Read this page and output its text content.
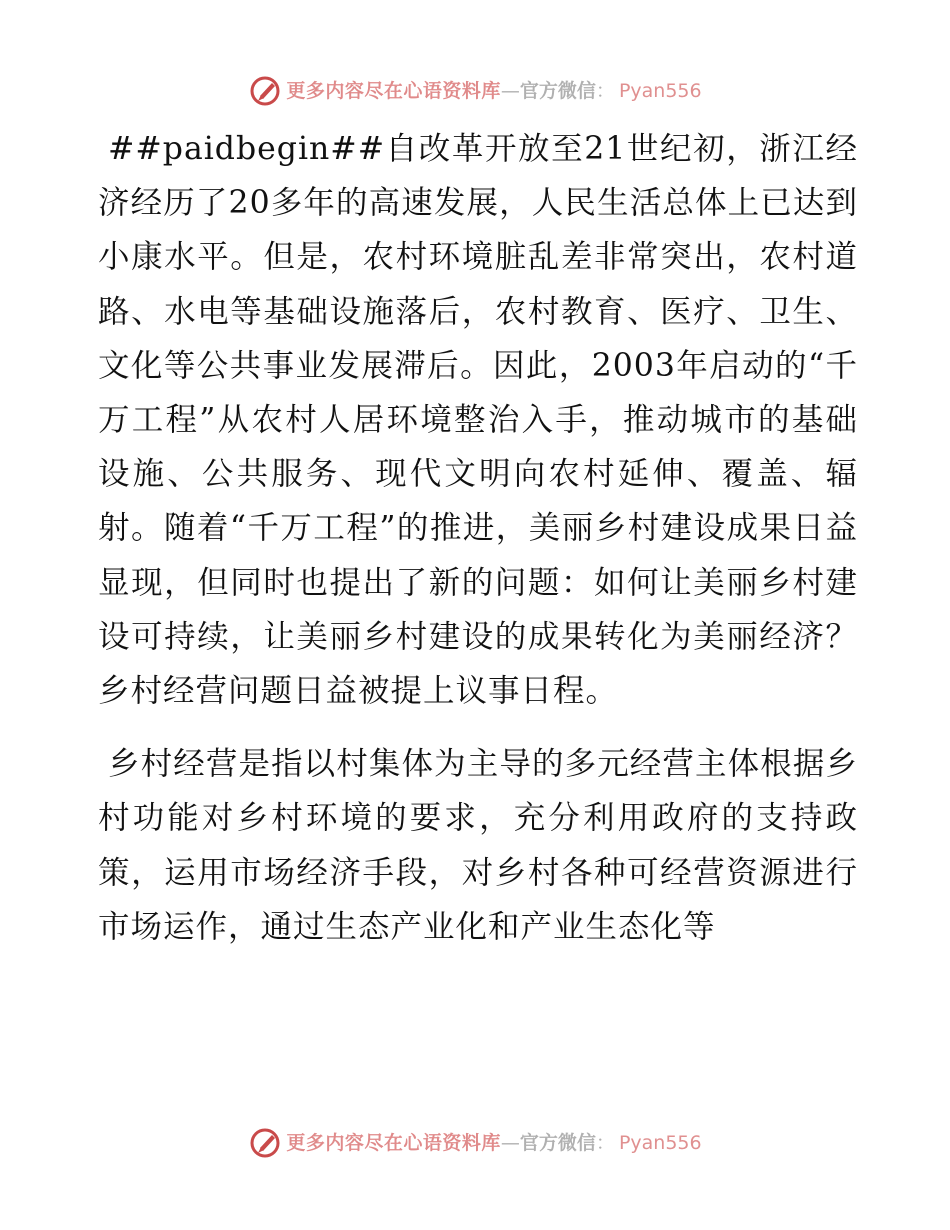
更多内容尽在心语资料库 — 官方微信 ： Pyan556

##paidbegin##自改革开放至21世纪初，浙江经济经历了20多年的高速发展，人民生活总体上已达到小康水平。但是，农村环境脏乱差非常突出，农村道路、水电等基础设施落后，农村教育、医疗、卫生、文化等公共事业发展滞后。因此，2003年启动的“千万工程”从农村人居环境整治入手，推动城市的基础设施、公共服务、现代文明向农村延伸、覆盖、辐射。随着“千万工程”的推进，美丽乡村建设成果日益显现，但同时也提出了新的问题：如何让美丽乡村建设可持续，让美丽乡村建设的成果转化为美丽经济？乡村经营问题日益被提上议事日程。

乡村经营是指以村集体为主导的多元经营主体根据乡村功能对乡村环境的要求，充分利用政府的支持政策，运用市场经济手段，对乡村各种可经营资源进行市场运作，通过生态产业化和产业生态化等

更多内容尽在心语资料库 — 官方微信 ： Pyan556
